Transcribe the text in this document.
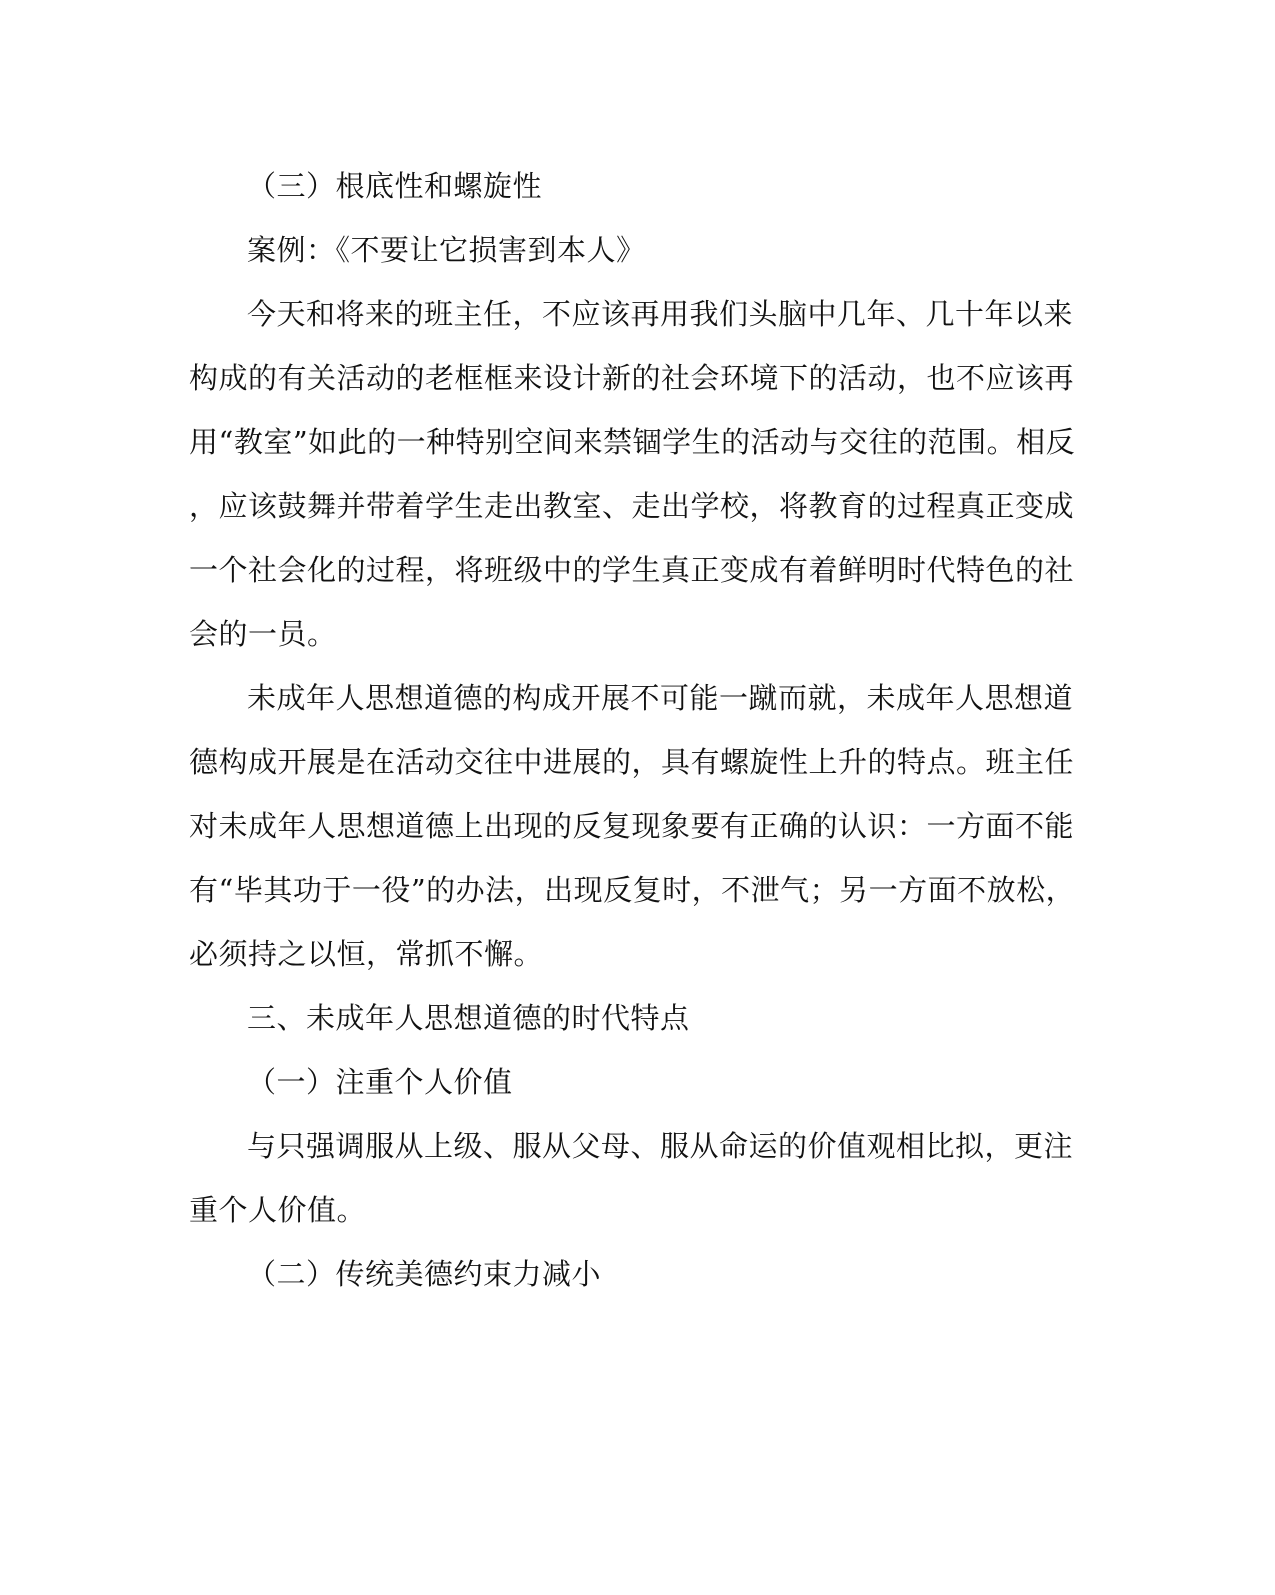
（三）根底性和螺旋性
案例：《不要让它损害到本人》
今天和将来的班主任，不应该再用我们头脑中几年、几十年以来
构成的有关活动的老框框来设计新的社会环境下的活动，也不应该再
用“教室”如此的一种特别空间来禁锢学生的活动与交往的范围。相反
，应该鼓舞并带着学生走出教室、走出学校，将教育的过程真正变成
一个社会化的过程，将班级中的学生真正变成有着鲜明时代特色的社
会的一员。
未成年人思想道德的构成开展不可能一蹴而就，未成年人思想道
德构成开展是在活动交往中进展的，具有螺旋性上升的特点。班主任
对未成年人思想道德上出现的反复现象要有正确的认识：一方面不能
有“毕其功于一役”的办法，出现反复时，不泄气；另一方面不放松，
必须持之以恒，常抓不懈。
三、未成年人思想道德的时代特点
（一）注重个人价值
与只强调服从上级、服从父母、服从命运的价值观相比拟，更注
重个人价值。
（二）传统美德约束力减小
